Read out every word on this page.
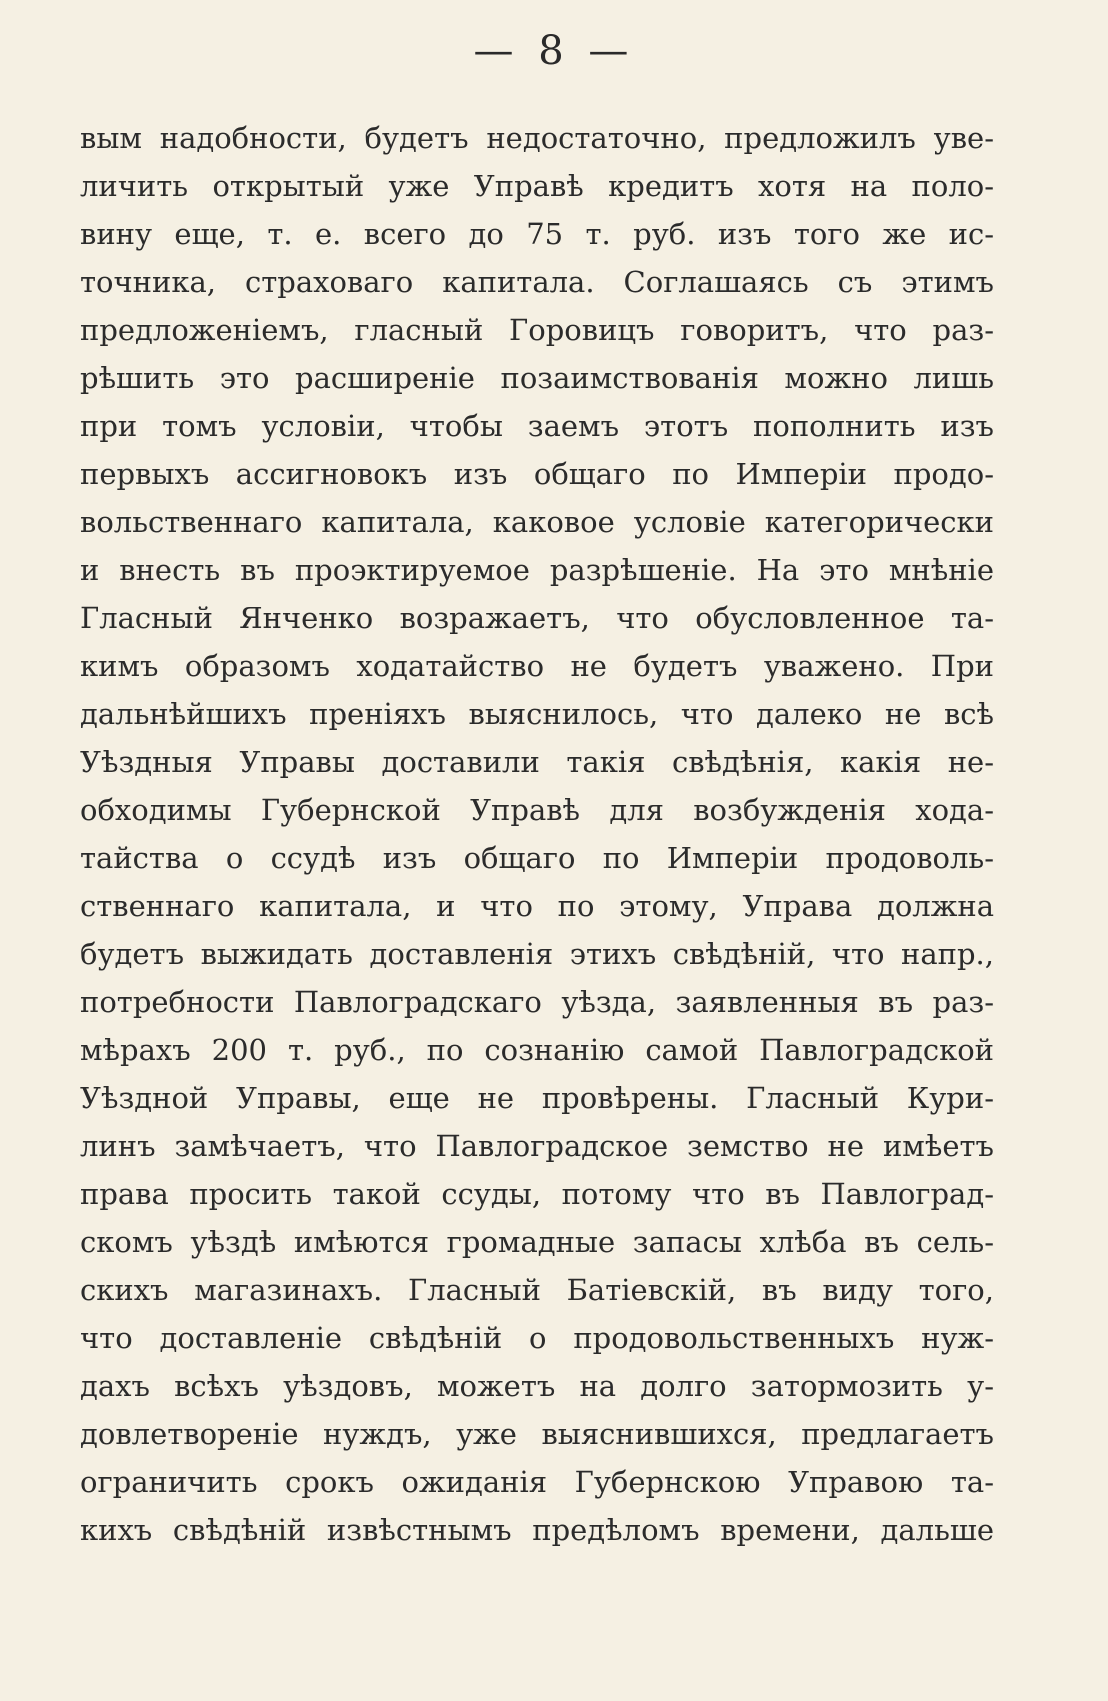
— 8 —
вым надобности, будетъ недостаточно, предложилъ уве-
личить открытый уже Управѣ кредитъ хотя на поло-
вину еще, т. е. всего до 75 т. руб. изъ того же ис-
точника, страховаго капитала. Соглашаясь съ этимъ
предложеніемъ, гласный Горовицъ говоритъ, что раз-
рѣшить это расширеніе позаимствованія можно лишь
при томъ условіи, чтобы заемъ этотъ пополнить изъ
первыхъ ассигновокъ изъ общаго по Имперіи продо-
вольственнаго капитала, каковое условіе категорически
и внесть въ проэктируемое разрѣшеніе. На это мнѣніе
Гласный Янченко возражаетъ, что обусловленное та-
кимъ образомъ ходатайство не будетъ уважено. При
дальнѣйшихъ преніяхъ выяснилось, что далеко не всѣ
Уѣздныя Управы доставили такія свѣдѣнія, какія не-
обходимы Губернской Управѣ для возбужденія хода-
тайства о ссудѣ изъ общаго по Имперіи продоволь-
ственнаго капитала, и что по этому, Управа должна
будетъ выжидать доставленія этихъ свѣдѣній, что напр.,
потребности Павлоградскаго уѣзда, заявленныя въ раз-
мѣрахъ 200 т. руб., по сознанію самой Павлоградской
Уѣздной Управы, еще не провѣрены. Гласный Кури-
линъ замѣчаетъ, что Павлоградское земство не имѣетъ
права просить такой ссуды, потому что въ Павлоград-
скомъ уѣздѣ имѣются громадные запасы хлѣба въ сель-
скихъ магазинахъ. Гласный Батіевскій, въ виду того,
что доставленіе свѣдѣній о продовольственныхъ нуж-
дахъ всѣхъ уѣздовъ, можетъ на долго затормозить у-
довлетвореніе нуждъ, уже выяснившихся, предлагаетъ
ограничить срокъ ожиданія Губернскою Управою та-
кихъ свѣдѣній извѣстнымъ предѣломъ времени, дальше
